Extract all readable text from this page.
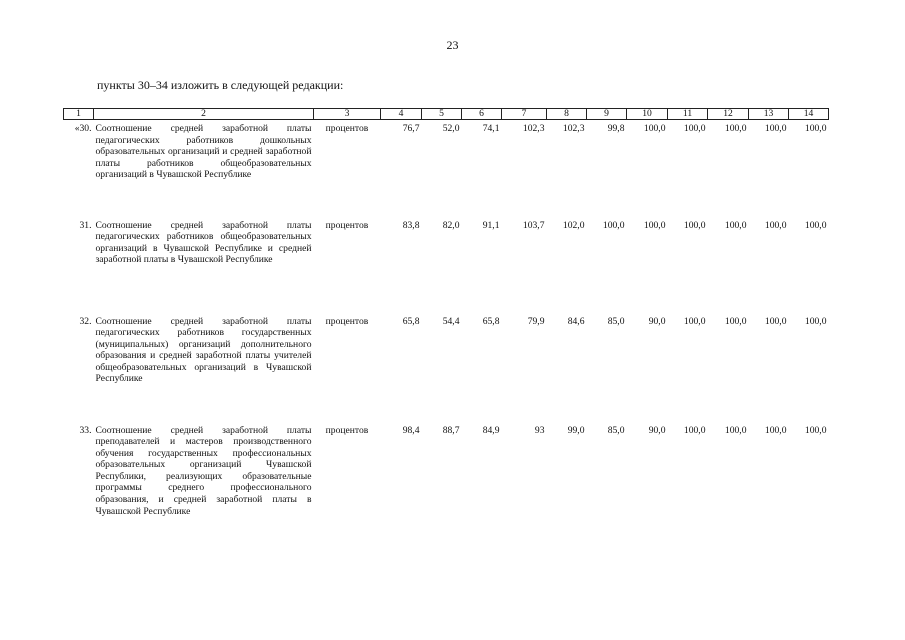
23
пункты 30–34 изложить в следующей редакции:
1	2	3	4	5	6	7	8	9	10	11	12	13	14
«30.	Соотношение средней заработной платы педагогических работников дошкольных образовательных организаций и средней заработной платы работников общеобразовательных организаций в Чувашской Республике	процентов	76,7	52,0	74,1	102,3	102,3	99,8	100,0	100,0	100,0	100,0	100,0
31.	Соотношение средней заработной платы педагогических работников общеобразовательных организаций в Чувашской Республике и средней заработной платы в Чувашской Республике	процентов	83,8	82,0	91,1	103,7	102,0	100,0	100,0	100,0	100,0	100,0	100,0
32.	Соотношение средней заработной платы педагогических работников государственных (муниципальных) организаций дополнительного образования и средней заработной платы учителей общеобразовательных организаций в Чувашской Республике	процентов	65,8	54,4	65,8	79,9	84,6	85,0	90,0	100,0	100,0	100,0	100,0
33.	Соотношение средней заработной платы преподавателей и мастеров производственного обучения государственных профессиональных образовательных организаций Чувашской Республики, реализующих образовательные программы среднего профессионального образования, и средней заработной платы в Чувашской Республике	процентов	98,4	88,7	84,9	93	99,0	85,0	90,0	100,0	100,0	100,0	100,0
